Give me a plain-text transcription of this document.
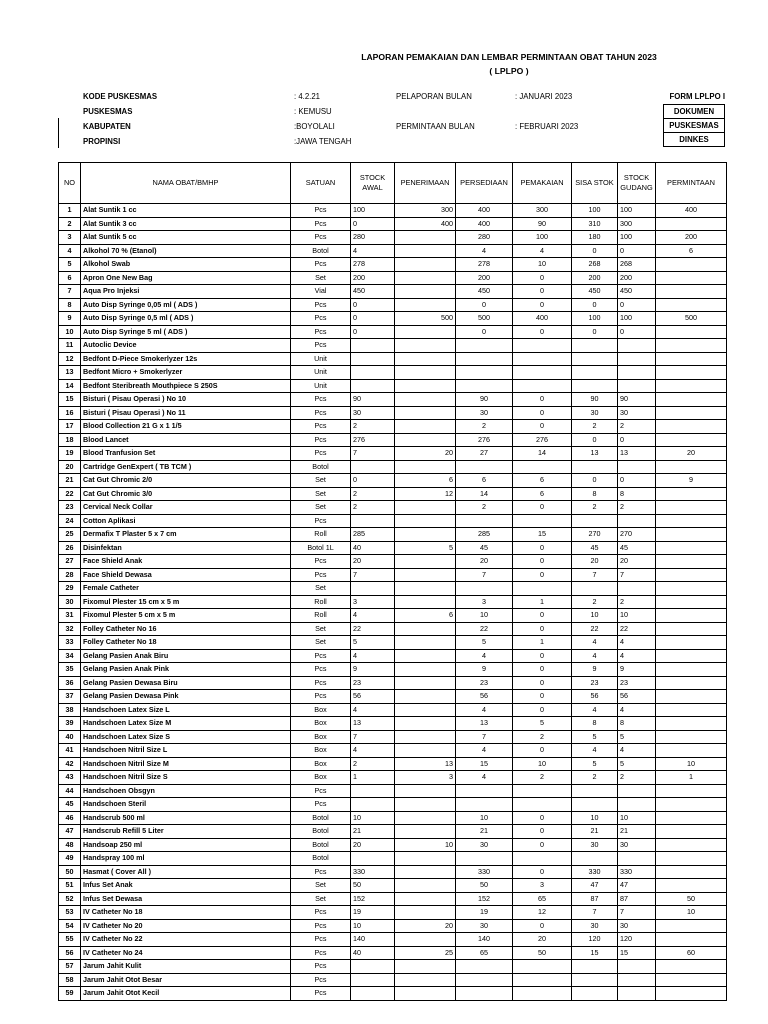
LAPORAN PEMAKAIAN DAN LEMBAR PERMINTAAN OBAT TAHUN 2023
( LPLPO )
KODE PUSKESMAS
PUSKESMAS
KABUPATEN
PROPINSI
: 4.2.21
: KEMUSU
:BOYOLALI
:JAWA TENGAH
PELAPORAN BULAN
PERMINTAAN BULAN
: JANUARI 2023
: FEBRUARI 2023
FORM LPLPO I
DOKUMEN
PUSKESMAS
DINKES
NO	NAMA OBAT/BMHP	SATUAN	STOCK AWAL	PENERIMAAN	PERSEDIAAN	PEMAKAIAN	SISA STOK	STOCK GUDANG	PERMINTAAN
1	Alat Suntik 1 cc	Pcs	100	300	400	300	100	100	400
2	Alat Suntik 3 cc	Pcs	0	400	400	90	310	300	
3	Alat Suntik 5 cc	Pcs	280		280	100	180	100	200
4	Alkohol 70 % (Etanol)	Botol	4		4	4	0	0	6
5	Alkohol Swab	Pcs	278		278	10	268	268	
6	Apron One New Bag	Set	200		200	0	200	200	
7	Aqua Pro Injeksi	Vial	450		450	0	450	450	
8	Auto Disp Syringe 0,05 ml ( ADS )	Pcs	0		0	0	0	0	
9	Auto Disp Syringe 0,5 ml ( ADS )	Pcs	0	500	500	400	100	100	500
10	Auto Disp Syringe 5 ml ( ADS )	Pcs	0		0	0	0	0	
11	Autoclic Device	Pcs							
12	Bedfont D-Piece Smokerlyzer 12s	Unit							
13	Bedfont Micro + Smokerlyzer	Unit							
14	Bedfont Steribreath Mouthpiece S 250S	Unit							
15	Bisturi ( Pisau Operasi ) No 10	Pcs	90		90	0	90	90	
16	Bisturi ( Pisau Operasi ) No 11	Pcs	30		30	0	30	30	
17	Blood Collection 21 G x 1 1/5	Pcs	2		2	0	2	2	
18	Blood Lancet	Pcs	276		276	276	0	0	
19	Blood Tranfusion Set	Pcs	7	20	27	14	13	13	20
20	Cartridge GenExpert ( TB TCM )	Botol							
21	Cat Gut Chromic 2/0	Set	0	6	6	6	0	0	9
22	Cat Gut Chromic 3/0	Set	2	12	14	6	8	8	
23	Cervical Neck Collar	Set	2		2	0	2	2	
24	Cotton Aplikasi	Pcs							
25	Dermafix T Plaster 5 x 7 cm	Roll	285		285	15	270	270	
26	Disinfektan	Botol 1L	40	5	45	0	45	45	
27	Face Shield Anak	Pcs	20		20	0	20	20	
28	Face Shield Dewasa	Pcs	7		7	0	7	7	
29	Female Catheter	Set							
30	Fixomul Plester 15 cm x 5 m	Roll	3		3	1	2	2	
31	Fixomul Plester 5 cm x 5 m	Roll	4	6	10	0	10	10	
32	Folley Catheter No 16	Set	22		22	0	22	22	
33	Folley Catheter No 18	Set	5		5	1	4	4	
34	Gelang Pasien Anak Biru	Pcs	4		4	0	4	4	
35	Gelang Pasien Anak Pink	Pcs	9		9	0	9	9	
36	Gelang Pasien Dewasa Biru	Pcs	23		23	0	23	23	
37	Gelang Pasien Dewasa Pink	Pcs	56		56	0	56	56	
38	Handschoen Latex Size L	Box	4		4	0	4	4	
39	Handschoen Latex Size M	Box	13		13	5	8	8	
40	Handschoen Latex Size S	Box	7		7	2	5	5	
41	Handschoen Nitril Size L	Box	4		4	0	4	4	
42	Handschoen Nitril Size M	Box	2	13	15	10	5	5	10
43	Handschoen Nitril Size S	Box	1	3	4	2	2	2	1
44	Handschoen Obsgyn	Pcs							
45	Handschoen Steril	Pcs							
46	Handscrub 500 ml	Botol	10		10	0	10	10	
47	Handscrub Refill 5 Liter	Botol	21		21	0	21	21	
48	Handsoap 250 ml	Botol	20	10	30	0	30	30	
49	Handspray 100 ml	Botol							
50	Hasmat ( Cover All )	Pcs	330		330	0	330	330	
51	Infus Set Anak	Set	50		50	3	47	47	
52	Infus Set Dewasa	Set	152		152	65	87	87	50
53	IV Catheter No 18	Pcs	19		19	12	7	7	10
54	IV Catheter No 20	Pcs	10	20	30	0	30	30	
55	IV Catheter No 22	Pcs	140		140	20	120	120	
56	IV Catheter No 24	Pcs	40	25	65	50	15	15	60
57	Jarum Jahit Kulit	Pcs							
58	Jarum Jahit Otot Besar	Pcs							
59	Jarum Jahit Otot Kecil	Pcs							
